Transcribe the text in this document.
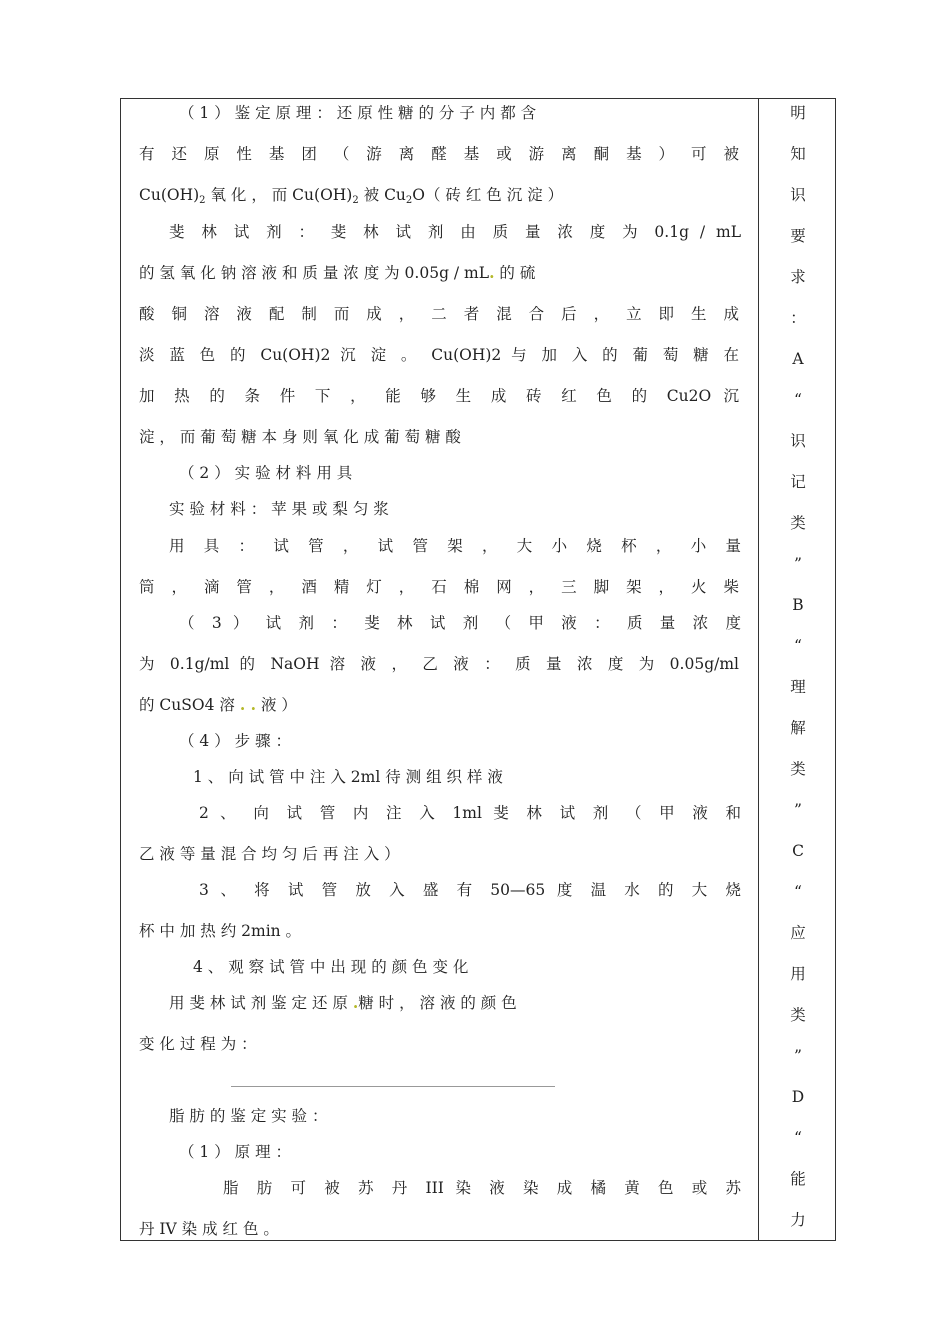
（ 1 ） 鉴 定 原 理 ： 还 原 性 糖 的 分 子 内 都 含
有 还 原 性 基 团 （ 游 离 醛 基 或 游 离 酮 基 ） 可 被
$Cu(OH)_2$ 氧 化 ， 而 $Cu(OH)_2$ 被 $Cu_2O$（ 砖 红 色 沉 淀 ）
斐 林 试 剂 ： 斐 林 试 剂 由 质 量 浓 度 为 0.1g / mL
的 氢 氧 化 钠 溶 液 和 质 量 浓 度 为 0.05g / mL. 的 硫
酸 铜 溶 液 配 制 而 成 ， 二 者 混 合 后 ， 立 即 生 成
淡 蓝 色 的 Cu(OH)2 沉 淀 。 Cu(OH)2 与 加 入 的 葡 萄 糖 在
加 热 的 条 件 下 ， 能 够 生 成 砖 红 色 的 Cu2O 沉
淀 ， 而 葡 萄 糖 本 身 则 氧 化 成 葡 萄 糖 酸
（ 2 ） 实 验 材 料 用 具
实 验 材 料 ： 苹 果 或 梨 匀 浆
用 具 ： 试 管 ， 试 管 架 ， 大 小 烧 杯 ， 小 量
筒 ， 滴 管 ， 酒 精 灯 ， 石 棉 网 ， 三 脚 架 ， 火 柴
（ 3 ） 试 剂 ： 斐 林 试 剂 （ 甲 液 ： 质 量 浓 度
为 0.1g/ml 的 NaOH 溶 液 ， 乙 液 ： 质 量 浓 度 为 0.05g/ml
的 CuSO4 溶 . . 液 ）
（ 4 ） 步 骤 ：
1 、 向 试 管 中 注 入 2ml 待 测 组 织 样 液
2 、 向 试 管 内 注 入 1ml 斐 林 试 剂 （ 甲 液 和
乙 液 等 量 混 合 均 匀 后 再 注 入 ）
3 、 将 试 管 放 入 盛 有 50—65 度 温 水 的 大 烧
杯 中 加 热 约 2min 。
4 、 观 察 试 管 中 出 现 的 颜 色 变 化
用 斐 林 试 剂 鉴 定 还 原 .糖 时 ， 溶 液 的 颜 色
变 化 过 程 为 ：
脂 肪 的 鉴 定 实 验 ：
（ 1 ） 原 理 ：
脂 肪 可 被 苏 丹 III 染 液 染 成 橘 黄 色 或 苏
丹 IV 染 成 红 色 。
明
知
识
要
求
：
A
“
识
记
类
”
B
“
理
解
类
”
C
“
应
用
类
”
D
“
能
力
